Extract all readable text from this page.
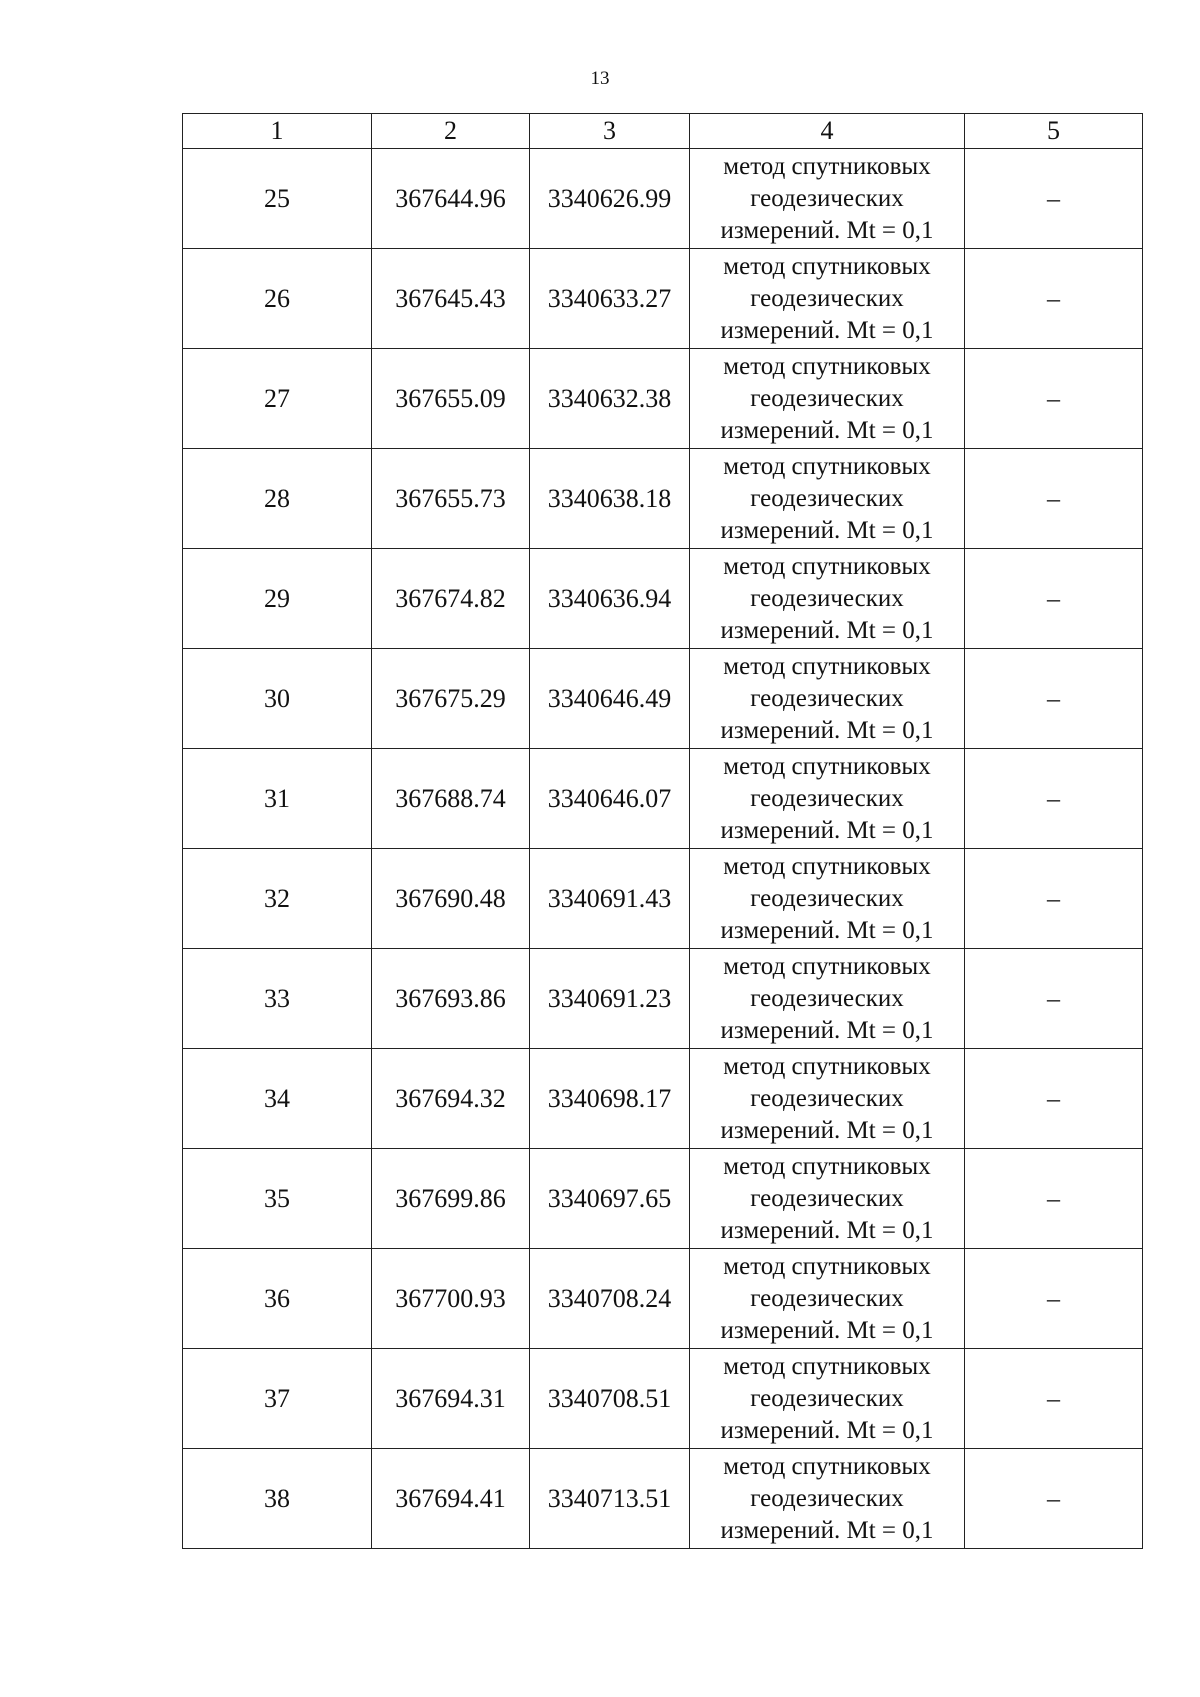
13
1	2	3	4	5
25	367644.96	3340626.99	метод спутниковых
геодезических
измерений. Mt = 0,1	–
26	367645.43	3340633.27	метод спутниковых
геодезических
измерений. Mt = 0,1	–
27	367655.09	3340632.38	метод спутниковых
геодезических
измерений. Mt = 0,1	–
28	367655.73	3340638.18	метод спутниковых
геодезических
измерений. Mt = 0,1	–
29	367674.82	3340636.94	метод спутниковых
геодезических
измерений. Mt = 0,1	–
30	367675.29	3340646.49	метод спутниковых
геодезических
измерений. Mt = 0,1	–
31	367688.74	3340646.07	метод спутниковых
геодезических
измерений. Mt = 0,1	–
32	367690.48	3340691.43	метод спутниковых
геодезических
измерений. Mt = 0,1	–
33	367693.86	3340691.23	метод спутниковых
геодезических
измерений. Mt = 0,1	–
34	367694.32	3340698.17	метод спутниковых
геодезических
измерений. Mt = 0,1	–
35	367699.86	3340697.65	метод спутниковых
геодезических
измерений. Mt = 0,1	–
36	367700.93	3340708.24	метод спутниковых
геодезических
измерений. Mt = 0,1	–
37	367694.31	3340708.51	метод спутниковых
геодезических
измерений. Mt = 0,1	–
38	367694.41	3340713.51	метод спутниковых
геодезических
измерений. Mt = 0,1	–
